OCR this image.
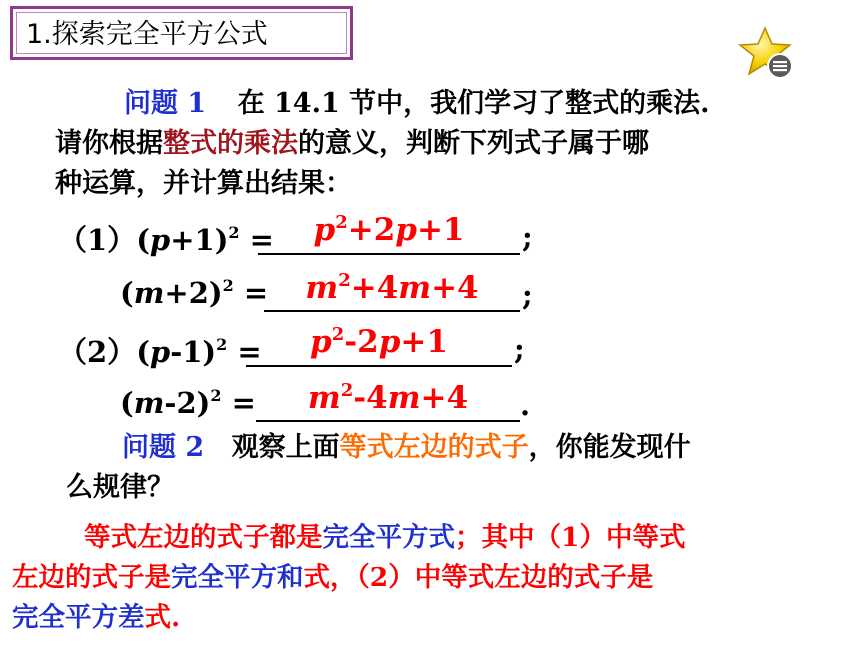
1.探索完全平方公式
问题 1 在 14.1 节中，我们学习了整式的乘法.
请你根据整式的乘法的意义，判断下列式子属于哪
种运算，并计算出结果：
$(1)(p+1)^2$ =	$p^2+2p+1$	;
$(m+2)^2$ =	$m^2+4m+4$	;
$(2)(p-1)^2$ =	$p^2-2p+1$	;
$(m-2)^2$ =	$m^2-4m+4$	.
问题 2 观察上面等式左边的式子，你能发现什
么规律？
等式左边的式子都是完全平方式；其中（1）中等式
左边的式子是完全平方和式，（2）中等式左边的式子是
完全平方差式.
